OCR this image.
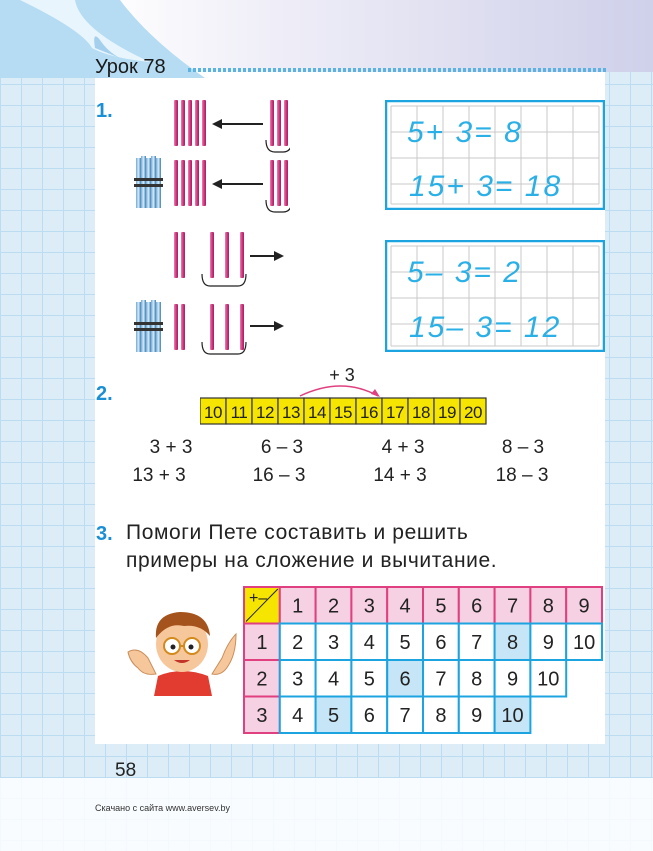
Урок 78
1.
5+ 3= 8
15+ 3= 18
5– 3= 2
15– 3= 12
2.
+ 3
10 11 12 13 14 15 16 17 18 19 20
3 + 3	6 – 3	4 + 3	8 – 3
13 + 3	16 – 3	14 + 3	18 – 3
3. Помоги Пете составить и решить
примеры на сложение и вычитание.
+– 1 2 3 4 5 6 7 8 9
1 2 3 4 5 6 7 8 9 10
2 3 4 5 6 7 8 9 10
3 4 5 6 7 8 9 10
58
Скачано с сайта www.aversev.by
